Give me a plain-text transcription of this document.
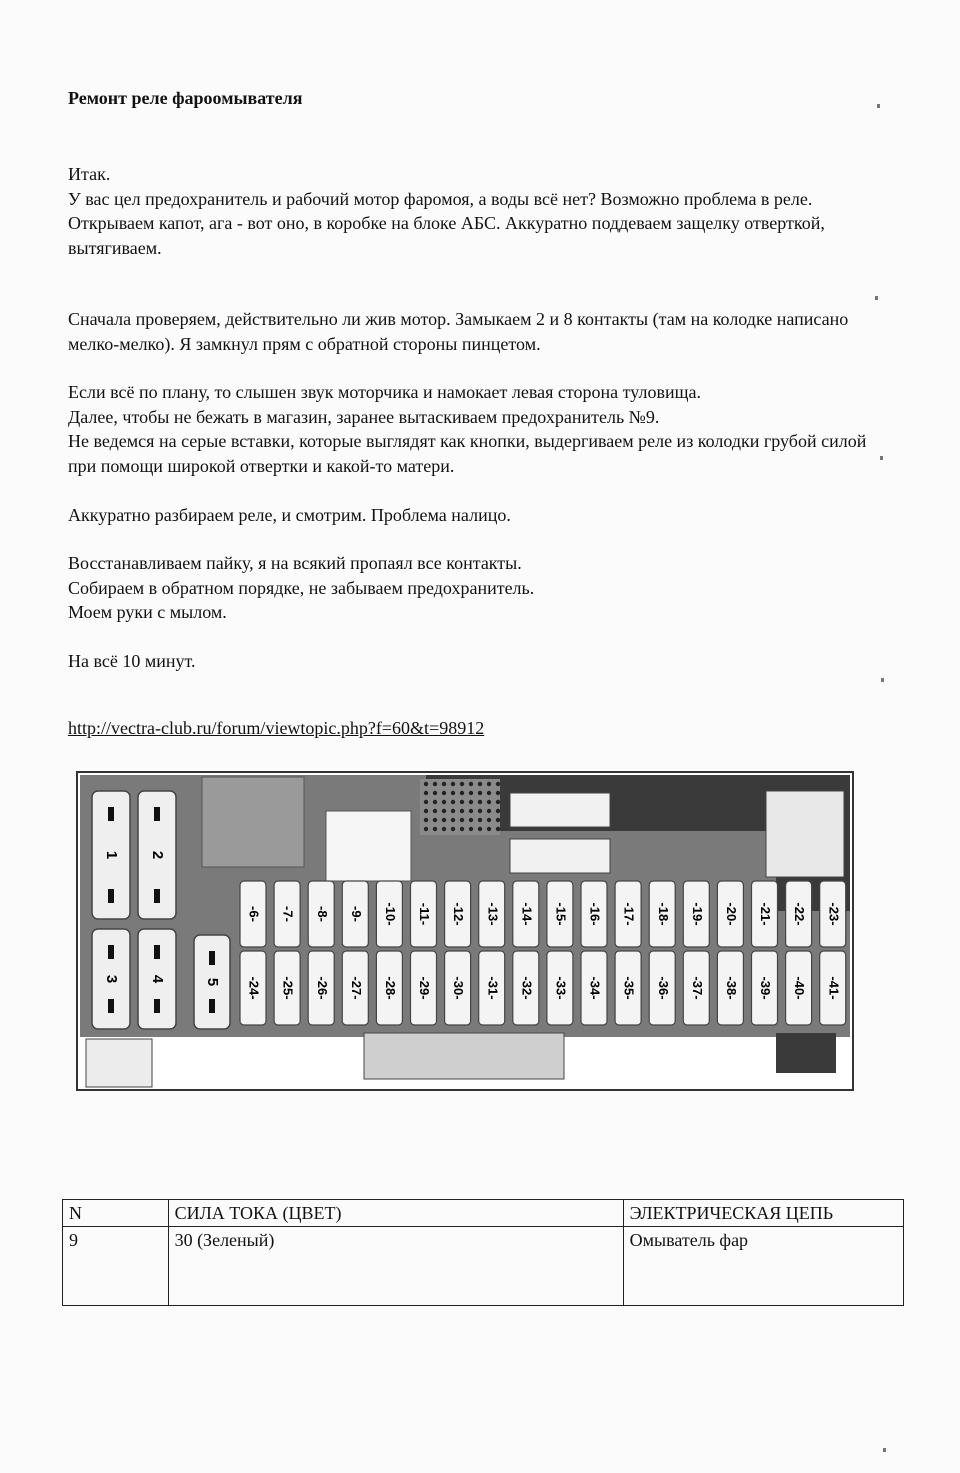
Ремонт реле фароомывателя
Итак.
У вас цел предохранитель и рабочий мотор фаромоя, а воды всё нет? Возможно проблема в реле.
Открываем капот, ага - вот оно, в коробке на блоке АБС. Аккуратно поддеваем защелку отверткой, вытягиваем.
Сначала проверяем, действительно ли жив мотор. Замыкаем 2 и 8 контакты (там на колодке написано мелко-мелко). Я замкнул прям с обратной стороны пинцетом.
Если всё по плану, то слышен звук моторчика и намокает левая сторона туловища.
Далее, чтобы не бежать в магазин, заранее вытаскиваем предохранитель №9.
Не ведемся на серые вставки, которые выглядят как кнопки, выдергиваем реле из колодки грубой силой при помощи широкой отвертки и какой-то матери.
Аккуратно разбираем реле, и смотрим. Проблема налицо.
Восстанавливаем пайку, я на всякий пропаял все контакты.
Собираем в обратном порядке, не забываем предохранитель.
Моем руки с мылом.
На всё 10 минут.
http://vectra-club.ru/forum/viewtopic.php?f=60&t=98912
1 2
3 4	5
-6- -7- -8- -9- -10- -11- -12- -13- -14- -15- -16- -17- -18- -19- -20- -21- -22- -23-
-24- -25- -26- -27- -28- -29- -30- -31- -32- -33- -34- -35- -36- -37- -38- -39- -40- -41-
N	СИЛА ТОКА (ЦВЕТ)	ЭЛЕКТРИЧЕСКАЯ ЦЕПЬ
9	30 (Зеленый)	Омыватель фар
